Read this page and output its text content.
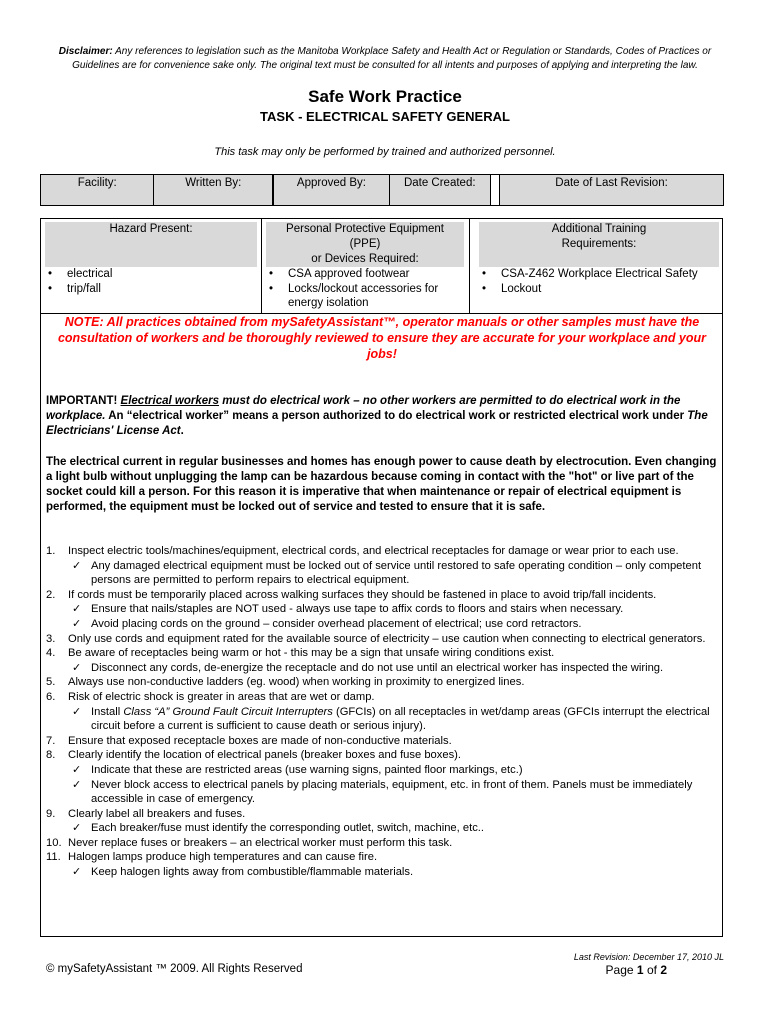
Disclaimer: Any references to legislation such as the Manitoba Workplace Safety and Health Act or Regulation or Standards, Codes of Practices or Guidelines are for convenience sake only. The original text must be consulted for all intents and purposes of applying and interpreting the law.
Safe Work Practice
TASK - ELECTRICAL SAFETY GENERAL
This task may only be performed by trained and authorized personnel.
Facility:	Written By:		Approved By:	Date Created:		Date of Last Revision:
Hazard Present:
• electrical
• trip/fall
Personal Protective Equipment
(PPE)
or Devices Required:
• CSA approved footwear
• Locks/lockout accessories for energy isolation
Additional Training
Requirements:
• CSA-Z462 Workplace Electrical Safety
• Lockout
NOTE: All practices obtained from mySafetyAssistant™, operator manuals or other samples must have the consultation of workers and be thoroughly reviewed to ensure they are accurate for your workplace and your jobs!
IMPORTANT! Electrical workers must do electrical work – no other workers are permitted to do electrical work in the workplace. An “electrical worker” means a person authorized to do electrical work or restricted electrical work under The Electricians' License Act.
The electrical current in regular businesses and homes has enough power to cause death by electrocution. Even changing a light bulb without unplugging the lamp can be hazardous because coming in contact with the "hot" or live part of the socket could kill a person. For this reason it is imperative that when maintenance or repair of electrical equipment is performed, the equipment must be locked out of service and tested to ensure that it is safe.
1. Inspect electric tools/machines/equipment, electrical cords, and electrical receptacles for damage or wear prior to each use.
✓ Any damaged electrical equipment must be locked out of service until restored to safe operating condition – only competent persons are permitted to perform repairs to electrical equipment.
2. If cords must be temporarily placed across walking surfaces they should be fastened in place to avoid trip/fall incidents.
✓ Ensure that nails/staples are NOT used - always use tape to affix cords to floors and stairs when necessary.
✓ Avoid placing cords on the ground – consider overhead placement of electrical; use cord retractors.
3. Only use cords and equipment rated for the available source of electricity – use caution when connecting to electrical generators.
4. Be aware of receptacles being warm or hot - this may be a sign that unsafe wiring conditions exist.
✓ Disconnect any cords, de-energize the receptacle and do not use until an electrical worker has inspected the wiring.
5. Always use non-conductive ladders (eg. wood) when working in proximity to energized lines.
6. Risk of electric shock is greater in areas that are wet or damp.
✓ Install Class “A” Ground Fault Circuit Interrupters (GFCIs) on all receptacles in wet/damp areas (GFCIs interrupt the electrical circuit before a current is sufficient to cause death or serious injury).
7. Ensure that exposed receptacle boxes are made of non-conductive materials.
8. Clearly identify the location of electrical panels (breaker boxes and fuse boxes).
✓ Indicate that these are restricted areas (use warning signs, painted floor markings, etc.)
✓ Never block access to electrical panels by placing materials, equipment, etc. in front of them. Panels must be immediately accessible in case of emergency.
9. Clearly label all breakers and fuses.
✓ Each breaker/fuse must identify the corresponding outlet, switch, machine, etc..
10. Never replace fuses or breakers – an electrical worker must perform this task.
11. Halogen lamps produce high temperatures and can cause fire.
✓ Keep halogen lights away from combustible/flammable materials.
Last Revision: December 17, 2010 JL
© mySafetyAssistant ™ 2009. All Rights Reserved	Page 1 of 2
